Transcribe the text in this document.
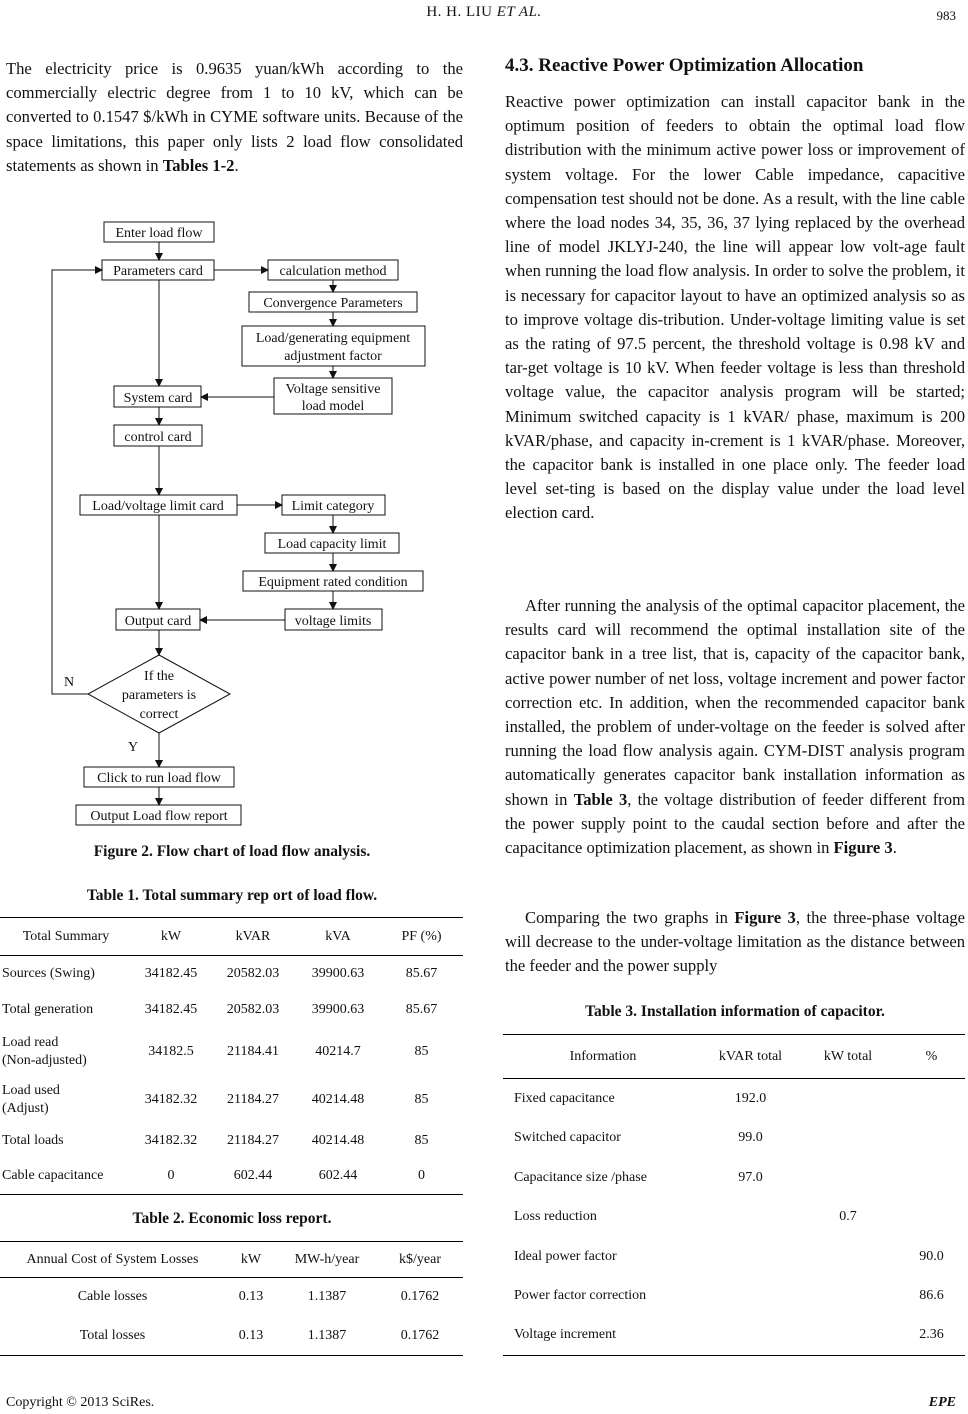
H. H. LIU ET AL.	983

The electricity price is 0.9635 yuan/kWh according to the commercially electric degree from 1 to 10 kV, which can be converted to 0.1547 $/kWh in CYME software units. Because of the space limitations, this paper only lists 2 load flow consolidated statements as shown in Tables 1-2.

Enter load flow
Parameters card	calculation method
Convergence Parameters
Load/generating equipment
adjustment factor
System card
Voltage sensitive
load model
control card
Load/voltage limit card	Limit category
Load capacity limit
Equipment rated condition
Output card	voltage limits
If the
parameters is
correct
N
Y
Click to run load flow
Output Load flow report
Figure 2. Flow chart of load flow analysis.
Table 1. Total summary rep ort of load flow.
Total Summary	kW	kVAR	kVA	PF (%)
Sources (Swing)	34182.45	20582.03	39900.63	85.67
Total generation	34182.45	20582.03	39900.63	85.67
Load read
(Non-adjusted)	34182.5	21184.41	40214.7	85
Load used
(Adjust)	34182.32	21184.27	40214.48	85
Total loads	34182.32	21184.27	40214.48	85
Cable capacitance	0	602.44	602.44	0
Table 2. Economic loss report.
Annual Cost of System Losses	kW	MW-h/year	k$/year
Cable losses	0.13	1.1387	0.1762
Total losses	0.13	1.1387	0.1762
4.3. Reactive Power Optimization Allocation

Reactive power optimization can install capacitor bank in the optimum position of feeders to obtain the optimal load flow distribution with the minimum active power loss or improvement of system voltage. For the lower Cable impedance, capacitive compensation test should not be done. As a result, with the line cable where the load nodes 34, 35, 36, 37 lying replaced by the overhead line of model JKLYJ-240, the line will appear low volt-age fault when running the load flow analysis. In order to solve the problem, it is necessary for capacitor layout to have an optimized analysis so as to improve voltage dis-tribution. Under-voltage limiting value is set as the rating of 97.5 percent, the threshold voltage is 0.98 kV and tar-get voltage is 10 kV. When feeder voltage is less than threshold voltage value, the capacitor analysis program will be started; Minimum switched capacity is 1 kVAR/ phase, maximum is 200 kVAR/phase, and capacity in-crement is 1 kVAR/phase. Moreover, the capacitor bank is installed in one place only. The feeder load level set-ting is based on the display value under the load level election card.

After running the analysis of the optimal capacitor placement, the results card will recommend the optimal installation site of the capacitor bank in a tree list, that is, capacity of the capacitor bank, active power number of net loss, voltage increment and power factor correction etc. In addition, when the recommended capacitor bank installed, the problem of under-voltage on the feeder is solved after running the load flow analysis again. CYM-DIST analysis program automatically generates capacitor bank installation information as shown in Table 3, the voltage distribution of feeder different from the power supply point to the caudal section before and after the capacitance optimization placement, as shown in Figure 3.

Comparing the two graphs in Figure 3, the three-phase voltage will decrease to the under-voltage limitation as the distance between the feeder and the power supply

Table 3. Installation information of capacitor.
Information	kVAR total	kW total	%
Fixed capacitance	192.0		
Switched capacitor	99.0		
Capacitance size /phase	97.0		
Loss reduction		0.7	
Ideal power factor			90.0
Power factor correction			86.6
Voltage increment			2.36
Copyright © 2013 SciRes.	EPE
